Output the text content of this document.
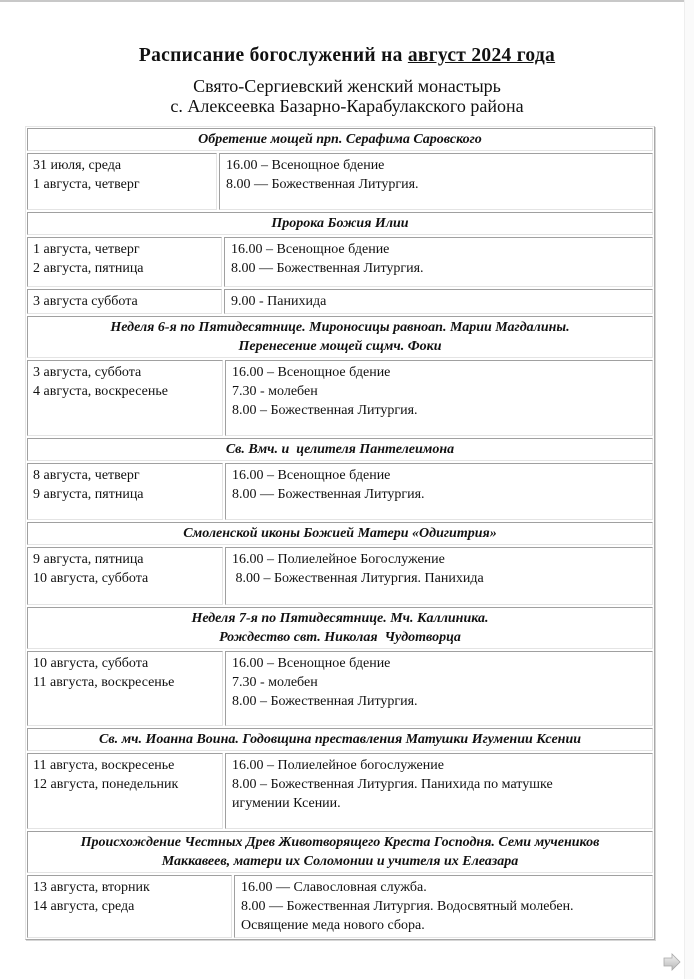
Расписание богослужений на август 2024 года
Свято-Сергиевский женский монастырь
с. Алексеевка Базарно-Карабулакского района
Обретение мощей прп. Серафима Саровского
31 июля, среда
1 августа, четверг
16.00 – Всенощное бдение
8.00 — Божественная Литургия.
Пророка Божия Илии
1 августа, четверг
2 августа, пятница
16.00 – Всенощное бдение
8.00 — Божественная Литургия.
3 августа суббота	9.00 - Панихида
Неделя 6-я по Пятидесятнице. Мироносицы равноап. Марии Магдалины.
Перенесение мощей сщмч. Фоки
3 августа, суббота
4 августа, воскресенье
16.00 – Всенощное бдение
7.30 - молебен
8.00 – Божественная Литургия.
Св. Вмч. и  целителя Пантелеимона
8 августа, четверг
9 августа, пятница
16.00 – Всенощное бдение
8.00 — Божественная Литургия.
Смоленской иконы Божией Матери «Одигитрия»
9 августа, пятница
10 августа, суббота
16.00 – Полиелейное Богослужение
8.00 – Божественная Литургия. Панихида
Неделя 7-я по Пятидесятнице. Мч. Каллиника.
Рождество свт. Николая  Чудотворца
10 августа, суббота
11 августа, воскресенье
16.00 – Всенощное бдение
7.30 - молебен
8.00 – Божественная Литургия.
Св. мч. Иоанна Воина. Годовщина преставления Матушки Игумении Ксении
11 августа, воскресенье
12 августа, понедельник
16.00 – Полиелейное богослужение
8.00 – Божественная Литургия. Панихида по матушке
игумении Ксении.
Происхождение Честных Древ Животворящего Креста Господня. Семи мучеников
Маккавеев, матери их Соломонии и учителя их Елеазара
13 августа, вторник
14 августа, среда
16.00 — Славословная служба.
8.00 — Божественная Литургия. Водосвятный молебен.
Освящение меда нового сбора.
